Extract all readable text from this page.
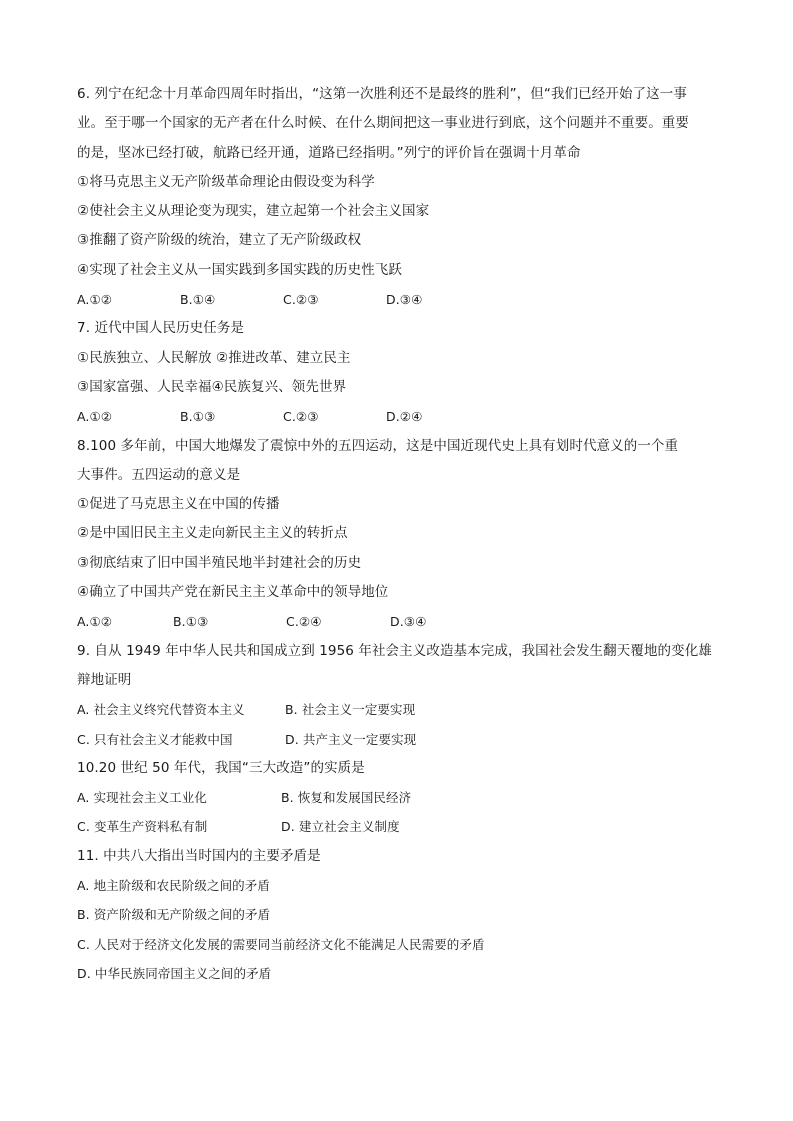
6. 列宁在纪念十月革命四周年时指出，“这第一次胜利还不是最终的胜利”，但“我们已经开始了这一事
业。至于哪一个国家的无产者在什么时候、在什么期间把这一事业进行到底，这个问题并不重要。重要
的是，坚冰已经打破，航路已经开通，道路已经指明。”列宁的评价旨在强调十月革命
①将马克思主义无产阶级革命理论由假设变为科学
②使社会主义从理论变为现实，建立起第一个社会主义国家
③推翻了资产阶级的统治，建立了无产阶级政权
④实现了社会主义从一国实践到多国实践的历史性飞跃
A.①②	B.①④	C.②③	D.③④
7. 近代中国人民历史任务是
①民族独立、人民解放 ②推进改革、建立民主
③国家富强、人民幸福④民族复兴、领先世界
A.①②	B.①③	C.②③	D.②④
8.100 多年前，中国大地爆发了震惊中外的五四运动，这是中国近现代史上具有划时代意义的一个重
大事件。五四运动的意义是
①促进了马克思主义在中国的传播
②是中国旧民主主义走向新民主主义的转折点
③彻底结束了旧中国半殖民地半封建社会的历史
④确立了中国共产党在新民主主义革命中的领导地位
A.①②	B.①③	C.②④	D.③④
9. 自从 1949 年中华人民共和国成立到 1956 年社会主义改造基本完成，我国社会发生翻天覆地的变化雄
辩地证明
A. 社会主义终究代替资本主义	B. 社会主义一定要实现
C. 只有社会主义才能救中国	D. 共产主义一定要实现
10.20 世纪 50 年代，我国“三大改造”的实质是
A. 实现社会主义工业化	B. 恢复和发展国民经济
C. 变革生产资料私有制	D. 建立社会主义制度
11. 中共八大指出当时国内的主要矛盾是
A. 地主阶级和农民阶级之间的矛盾
B. 资产阶级和无产阶级之间的矛盾
C. 人民对于经济文化发展的需要同当前经济文化不能满足人民需要的矛盾
D. 中华民族同帝国主义之间的矛盾
